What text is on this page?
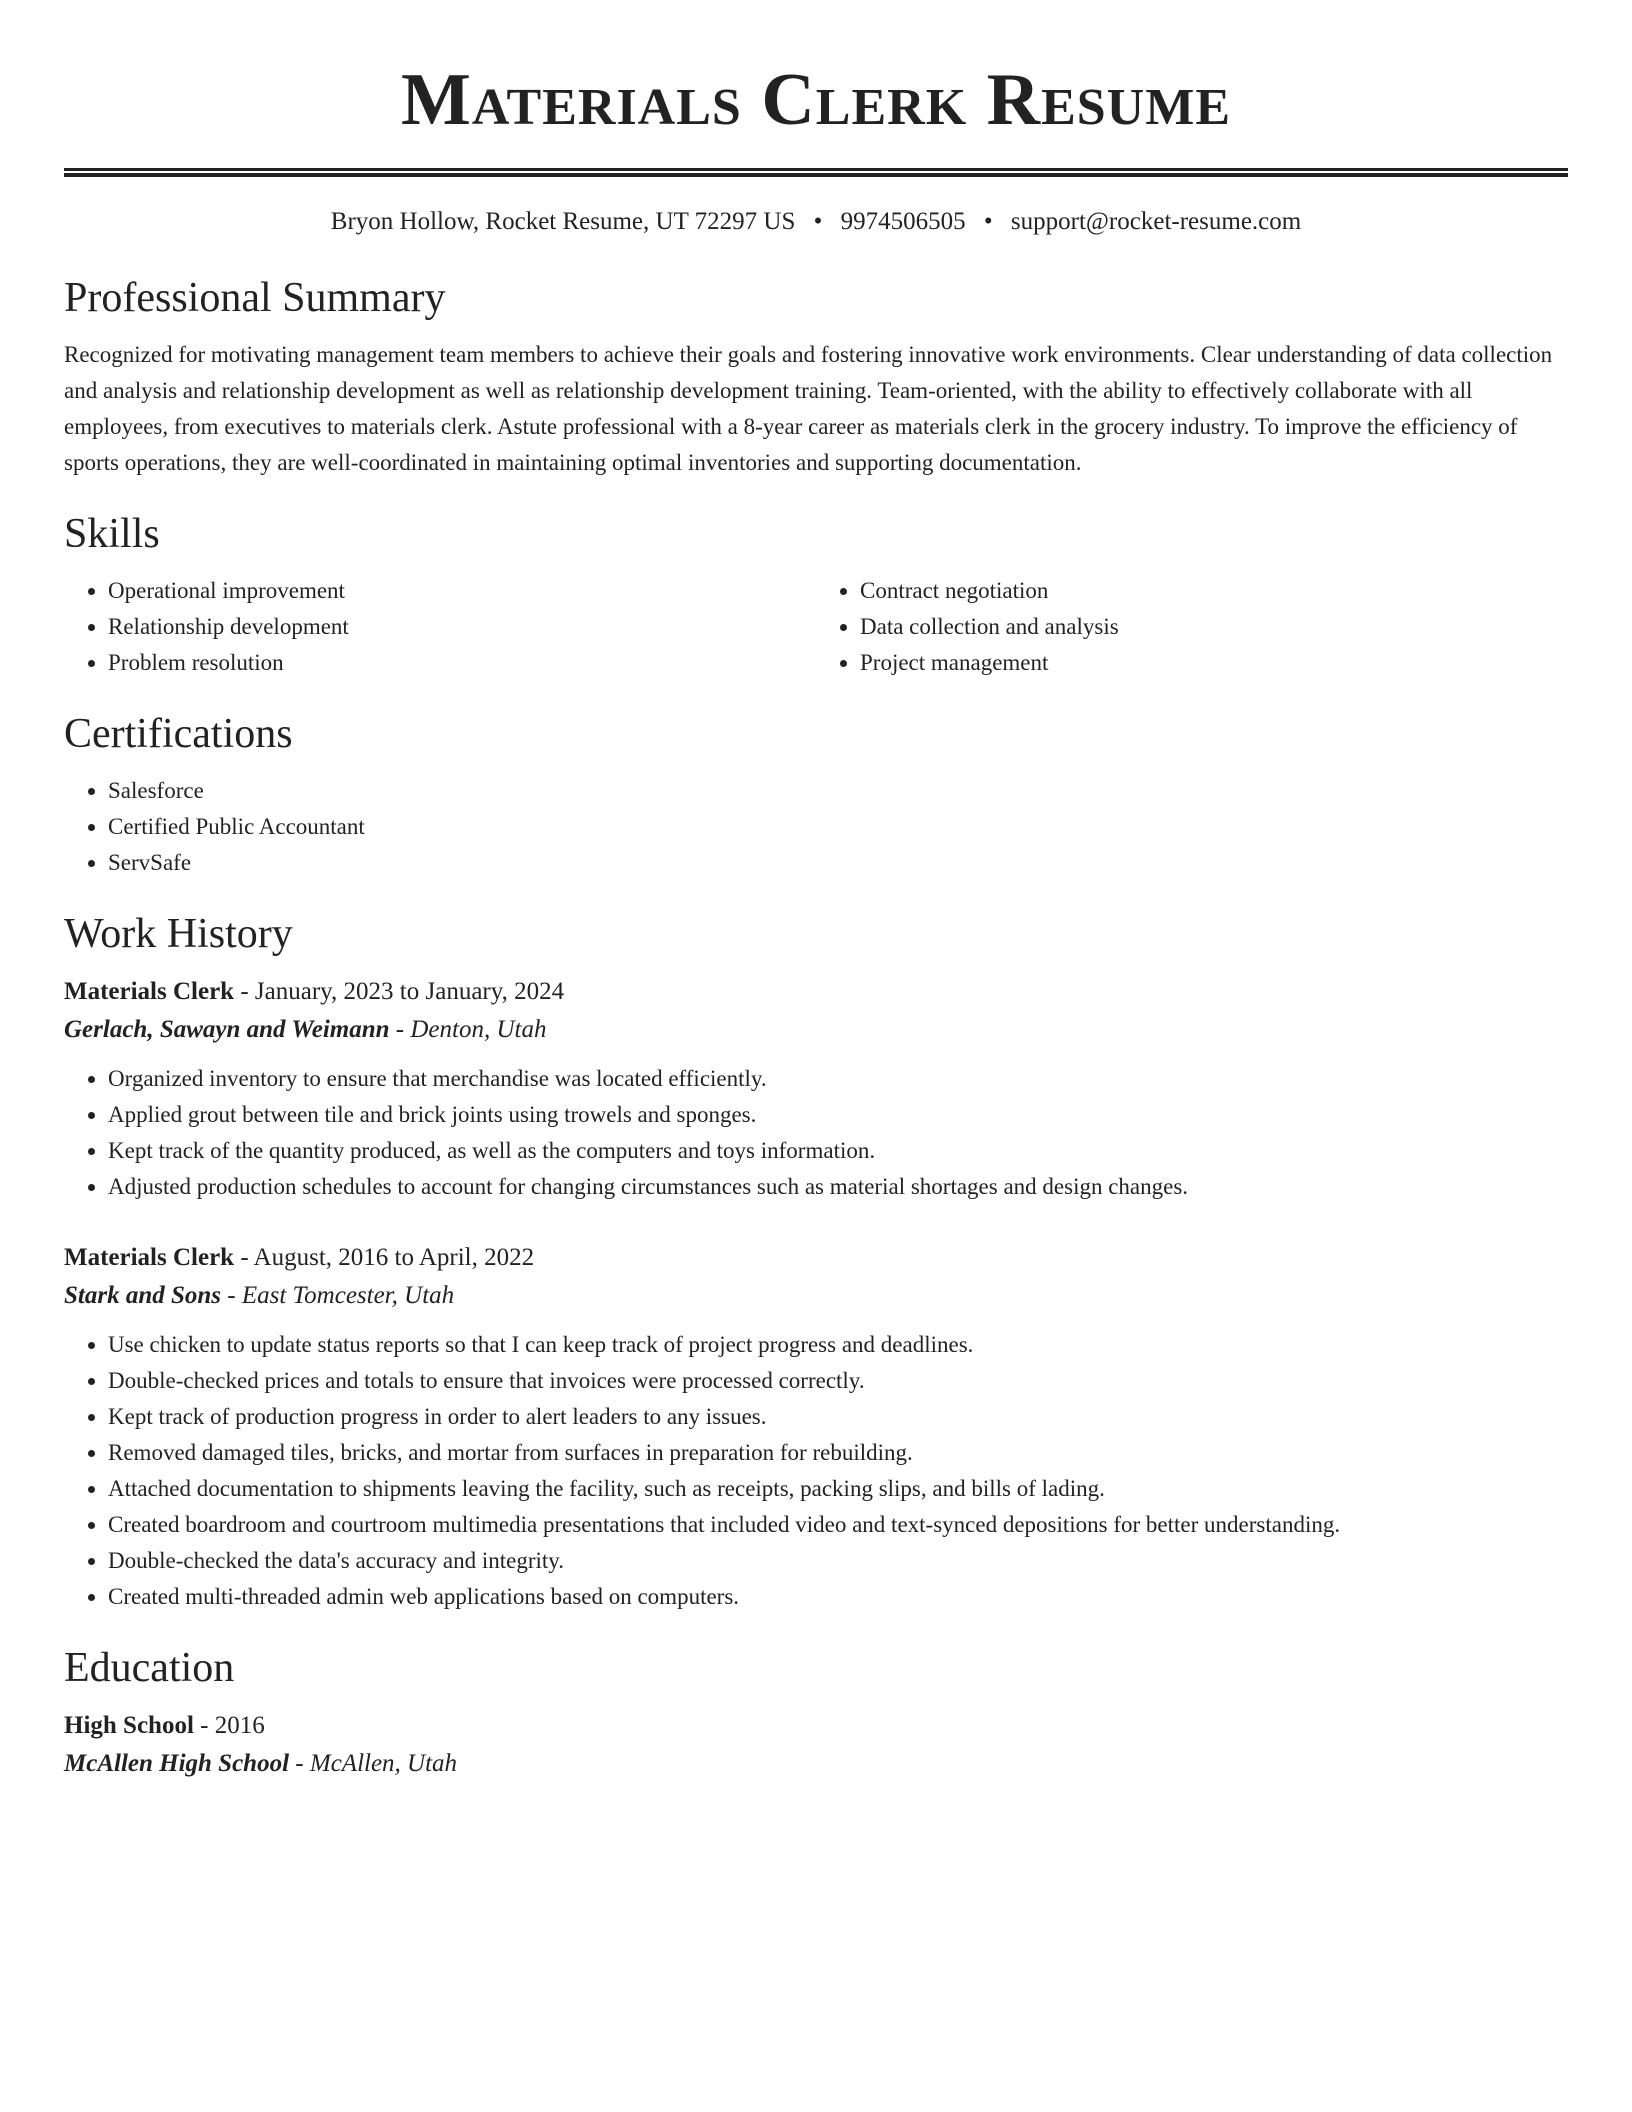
Materials Clerk Resume
Bryon Hollow, Rocket Resume, UT 72297 US • 9974506505 • support@rocket-resume.com
Professional Summary
Recognized for motivating management team members to achieve their goals and fostering innovative work environments. Clear understanding of data collection and analysis and relationship development as well as relationship development training. Team-oriented, with the ability to effectively collaborate with all employees, from executives to materials clerk. Astute professional with a 8-year career as materials clerk in the grocery industry. To improve the efficiency of sports operations, they are well-coordinated in maintaining optimal inventories and supporting documentation.
Skills
• Operational improvement
• Relationship development
• Problem resolution
• Contract negotiation
• Data collection and analysis
• Project management
Certifications
• Salesforce
• Certified Public Accountant
• ServSafe
Work History
Materials Clerk - January, 2023 to January, 2024
Gerlach, Sawayn and Weimann - Denton, Utah
• Organized inventory to ensure that merchandise was located efficiently.
• Applied grout between tile and brick joints using trowels and sponges.
• Kept track of the quantity produced, as well as the computers and toys information.
• Adjusted production schedules to account for changing circumstances such as material shortages and design changes.
Materials Clerk - August, 2016 to April, 2022
Stark and Sons - East Tomcester, Utah
• Use chicken to update status reports so that I can keep track of project progress and deadlines.
• Double-checked prices and totals to ensure that invoices were processed correctly.
• Kept track of production progress in order to alert leaders to any issues.
• Removed damaged tiles, bricks, and mortar from surfaces in preparation for rebuilding.
• Attached documentation to shipments leaving the facility, such as receipts, packing slips, and bills of lading.
• Created boardroom and courtroom multimedia presentations that included video and text-synced depositions for better understanding.
• Double-checked the data's accuracy and integrity.
• Created multi-threaded admin web applications based on computers.
Education
High School - 2016
McAllen High School - McAllen, Utah
